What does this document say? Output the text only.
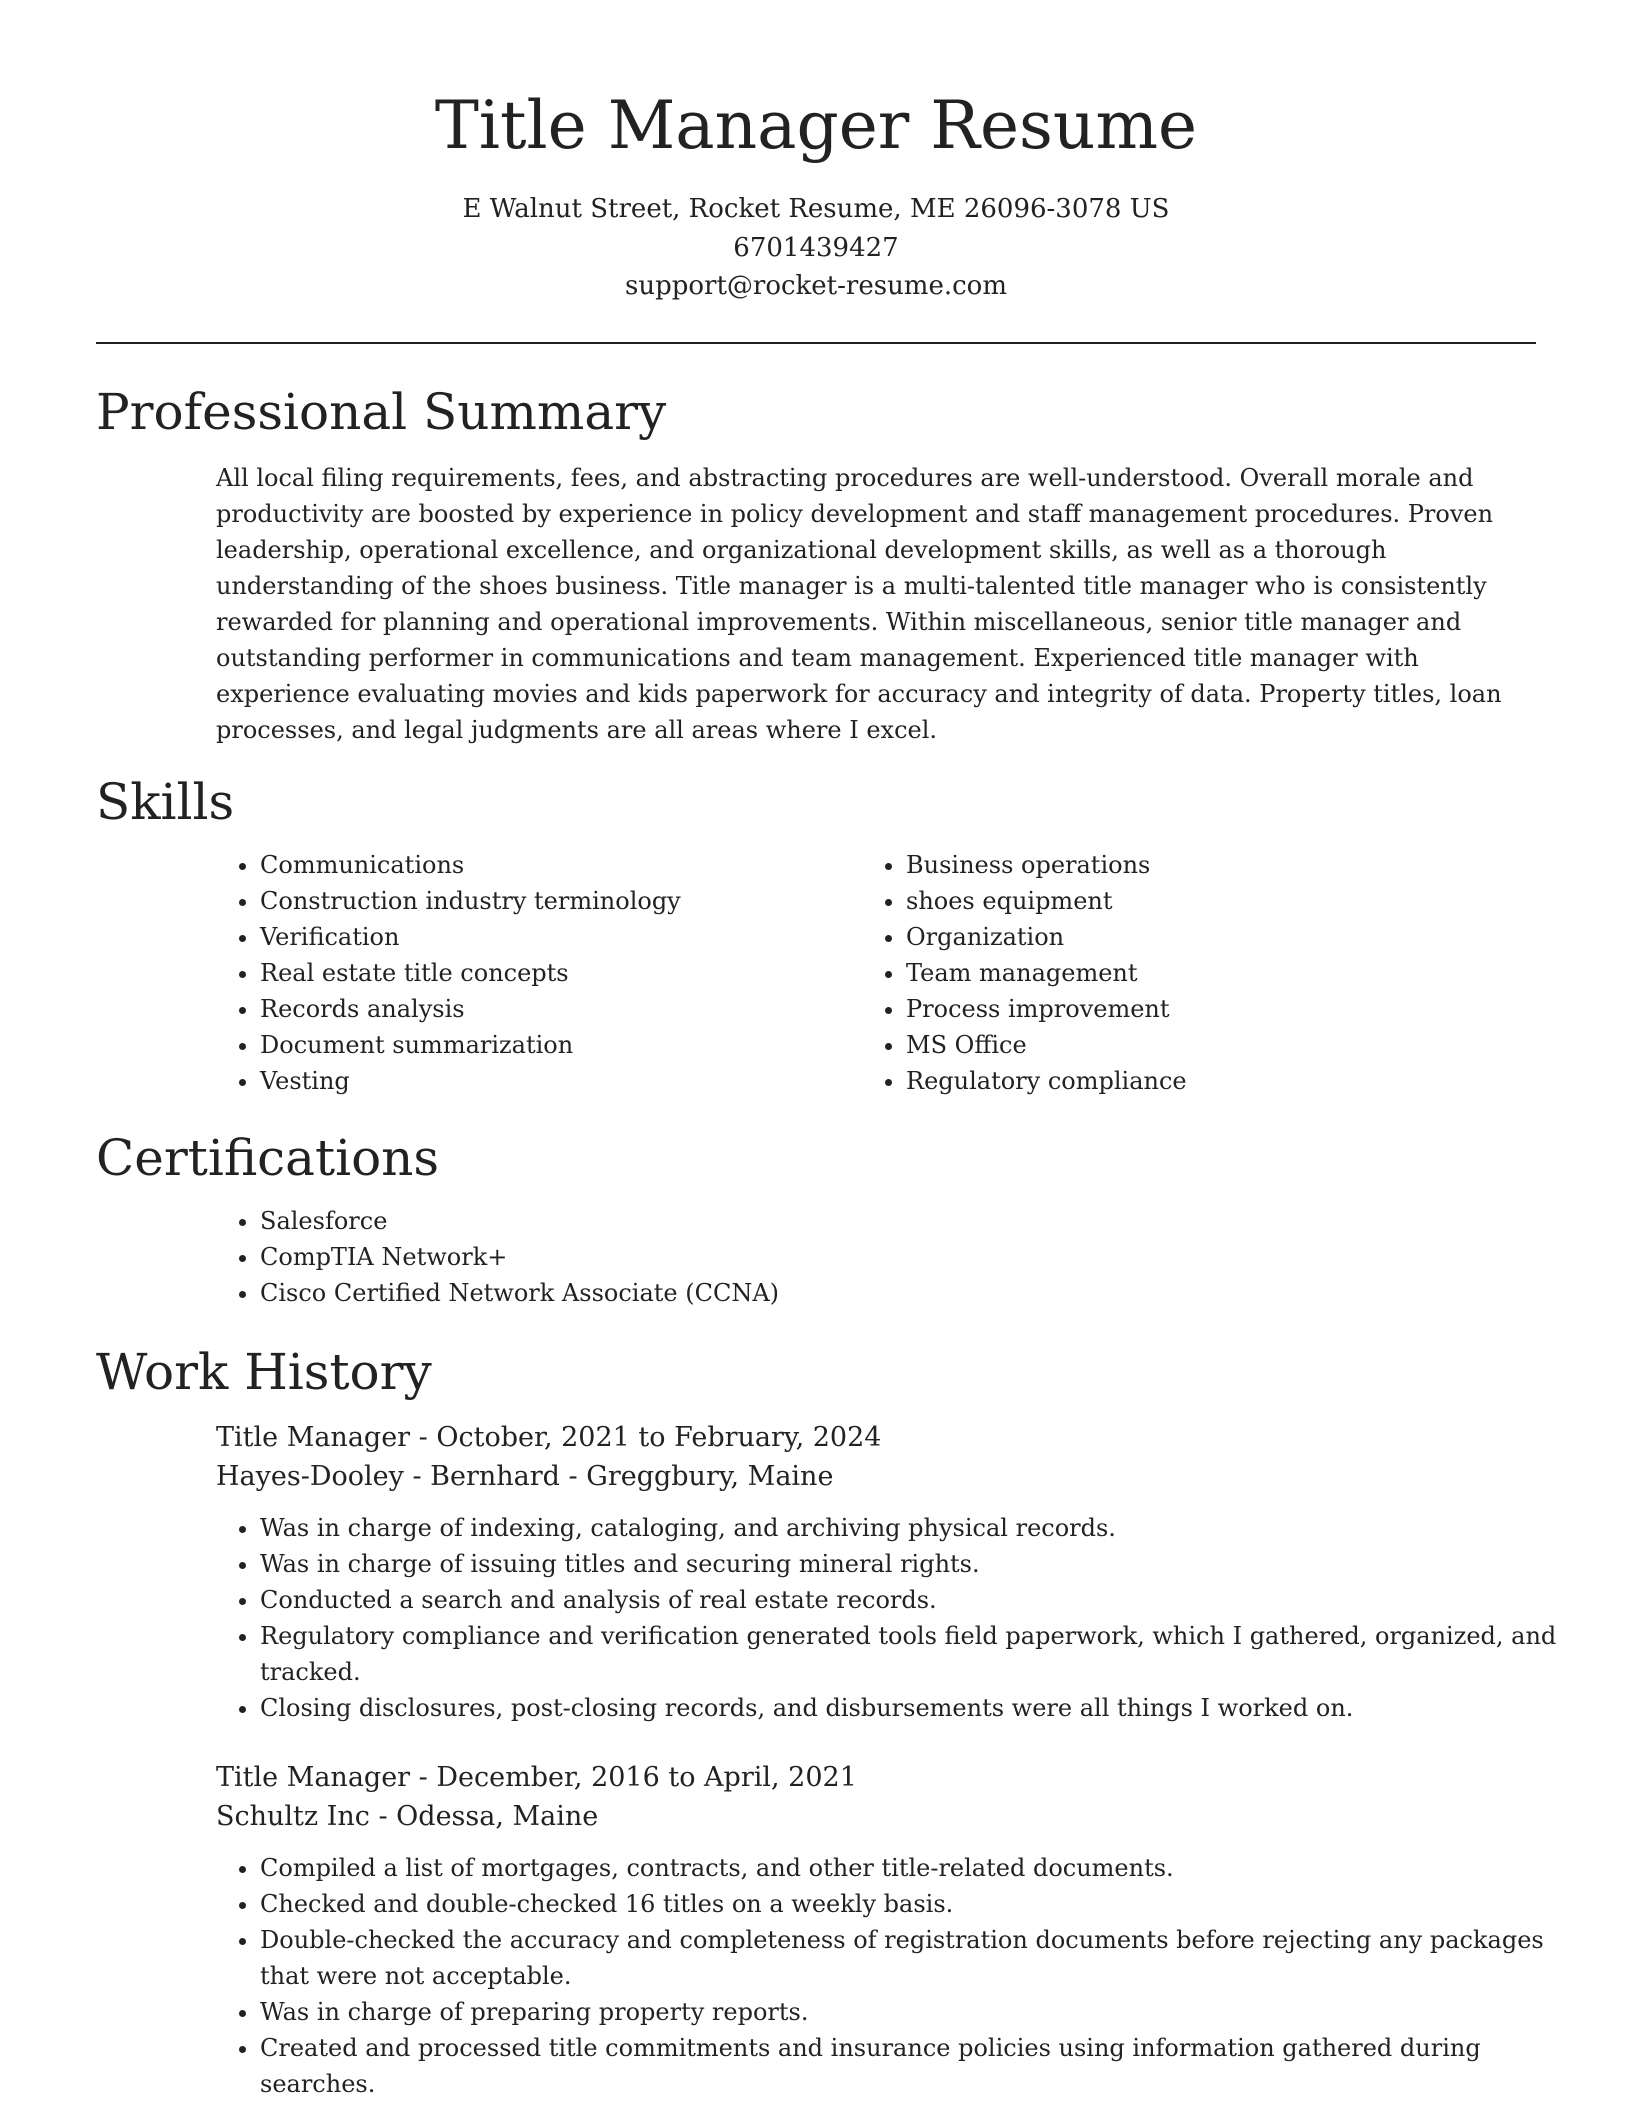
Title Manager Resume
E Walnut Street, Rocket Resume, ME 26096-3078 US
6701439427
support@rocket-resume.com
Professional Summary

All local filing requirements, fees, and abstracting procedures are well-understood. Overall morale and productivity are boosted by experience in policy development and staff management procedures. Proven leadership, operational excellence, and organizational development skills, as well as a thorough understanding of the shoes business. Title manager is a multi-talented title manager who is consistently rewarded for planning and operational improvements. Within miscellaneous, senior title manager and outstanding performer in communications and team management. Experienced title manager with experience evaluating movies and kids paperwork for accuracy and integrity of data. Property titles, loan processes, and legal judgments are all areas where I excel.

Skills
• Communications
• Construction industry terminology
• Verification
• Real estate title concepts
• Records analysis
• Document summarization
• Vesting
• Business operations
• shoes equipment
• Organization
• Team management
• Process improvement
• MS Office
• Regulatory compliance
Certifications
• Salesforce
• CompTIA Network+
• Cisco Certified Network Associate (CCNA)
Work History
Title Manager - October, 2021 to February, 2024
Hayes-Dooley - Bernhard - Greggbury, Maine
• Was in charge of indexing, cataloging, and archiving physical records.
• Was in charge of issuing titles and securing mineral rights.
• Conducted a search and analysis of real estate records.
• Regulatory compliance and verification generated tools field paperwork, which I gathered, organized, and tracked.
• Closing disclosures, post-closing records, and disbursements were all things I worked on.
Title Manager - December, 2016 to April, 2021
Schultz Inc - Odessa, Maine
• Compiled a list of mortgages, contracts, and other title-related documents.
• Checked and double-checked 16 titles on a weekly basis.
• Double-checked the accuracy and completeness of registration documents before rejecting any packages that were not acceptable.
• Was in charge of preparing property reports.
• Created and processed title commitments and insurance policies using information gathered during searches.
